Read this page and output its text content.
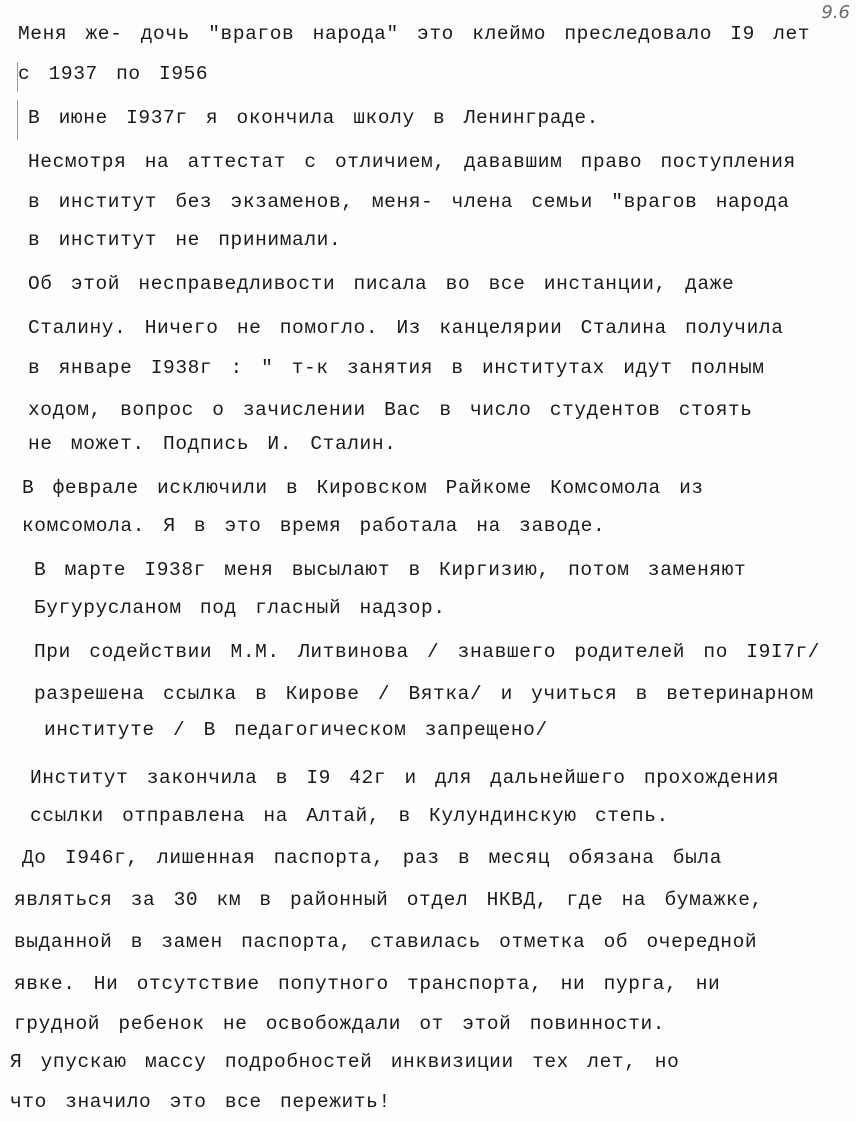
9.6
Меня же- дочь "врагов народа" это клеймо преследовало I9 лет
с 1937 по I956
В июне I937г я окончила школу в Ленинграде.
Несмотря на аттестат с отличием, дававшим право поступления
в институт без экзаменов, меня- члена семьи "врагов народа
в институт не принимали.
Об этой несправедливости писала во все инстанции, даже
Сталину. Ничего не помогло. Из канцелярии Сталина получила
в январе I938г : " т-к занятия в институтах идут полным
ходом, вопрос о зачислении Вас в число студентов стоять
не может. Подпись И. Сталин.
В феврале исключили в Кировском Райкоме Комсомола из
комсомола. Я в это время работала на заводе.
В марте I938г меня высылают в Киргизию, потом заменяют
Бугурусланом под гласный надзор.
При содействии М.М. Литвинова / знавшего родителей по I9I7г/
разрешена ссылка в Кирове / Вятка/ и учиться в ветеринарном
институте / В педагогическом запрещено/
Институт закончила в I9 42г и для дальнейшего прохождения
ссылки отправлена на Алтай, в Кулундинскую степь.
До I946г, лишенная паспорта, раз в месяц обязана была
являться за 30 км в районный отдел НКВД, где на бумажке,
выданной в замен паспорта, ставилась отметка об очередной
явке. Ни отсутствие попутного транспорта, ни пурга, ни
грудной ребенок не освобождали от этой повинности.
Я упускаю массу подробностей инквизиции тех лет, но
что значило это все пережить!
